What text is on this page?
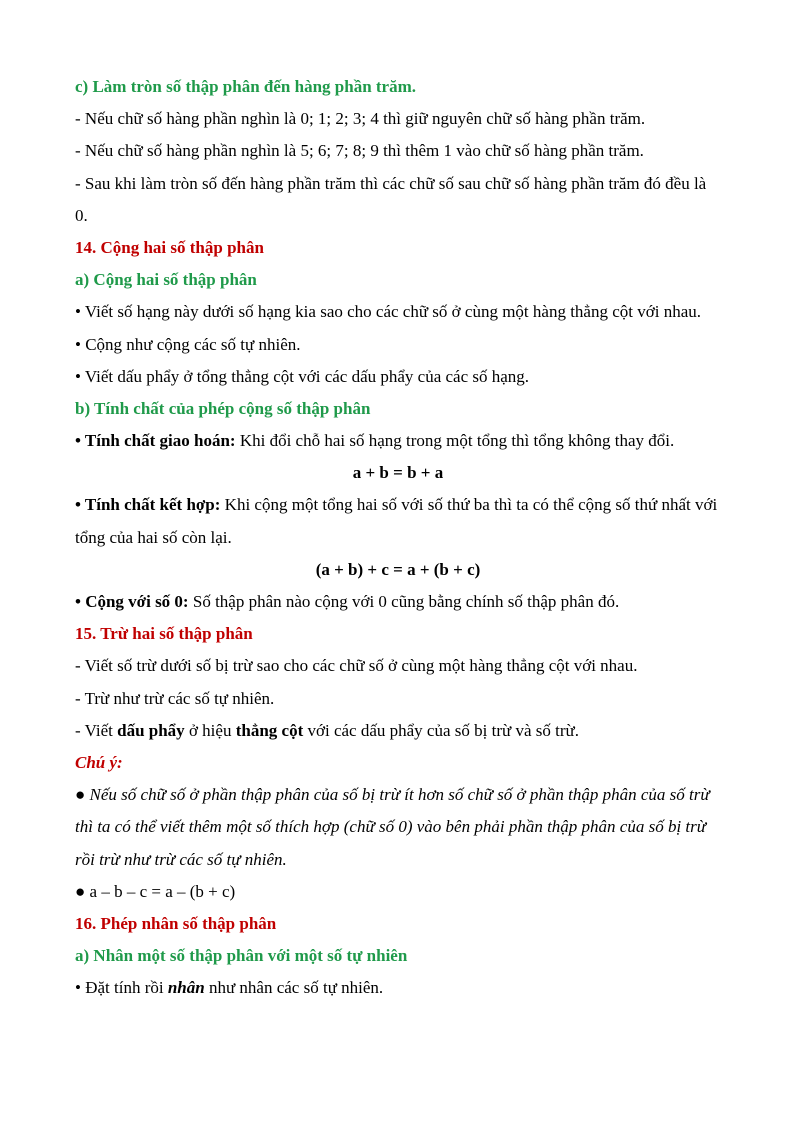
c) Làm tròn số thập phân đến hàng phần trăm.
- Nếu chữ số hàng phần nghìn là 0; 1; 2; 3; 4 thì giữ nguyên chữ số hàng phần trăm.
- Nếu chữ số hàng phần nghìn là 5; 6; 7; 8; 9 thì thêm 1 vào chữ số hàng phần trăm.
- Sau khi làm tròn số đến hàng phần trăm thì các chữ số sau chữ số hàng phần trăm đó đều là 0.
14. Cộng hai số thập phân
a) Cộng hai số thập phân
• Viết số hạng này dưới số hạng kia sao cho các chữ số ở cùng một hàng thẳng cột với nhau.
• Cộng như cộng các số tự nhiên.
• Viết dấu phẩy ở tổng thẳng cột với các dấu phẩy của các số hạng.
b) Tính chất của phép cộng số thập phân
• Tính chất giao hoán: Khi đổi chỗ hai số hạng trong một tổng thì tổng không thay đổi.
a + b = b + a
• Tính chất kết hợp: Khi cộng một tổng hai số với số thứ ba thì ta có thể cộng số thứ nhất với tổng của hai số còn lại.
(a + b) + c = a + (b + c)
• Cộng với số 0: Số thập phân nào cộng với 0 cũng bằng chính số thập phân đó.
15. Trừ hai số thập phân
- Viết số trừ dưới số bị trừ sao cho các chữ số ở cùng một hàng thẳng cột với nhau.
- Trừ như trừ các số tự nhiên.
- Viết dấu phẩy ở hiệu thẳng cột với các dấu phẩy của số bị trừ và số trừ.
Chú ý:
● Nếu số chữ số ở phần thập phân của số bị trừ ít hơn số chữ số ở phần thập phân của số trừ thì ta có thể viết thêm một số thích hợp (chữ số 0) vào bên phải phần thập phân của số bị trừ rồi trừ như trừ các số tự nhiên.
● a – b – c = a – (b + c)
16. Phép nhân số thập phân
a) Nhân một số thập phân với một số tự nhiên
• Đặt tính rồi nhân như nhân các số tự nhiên.
